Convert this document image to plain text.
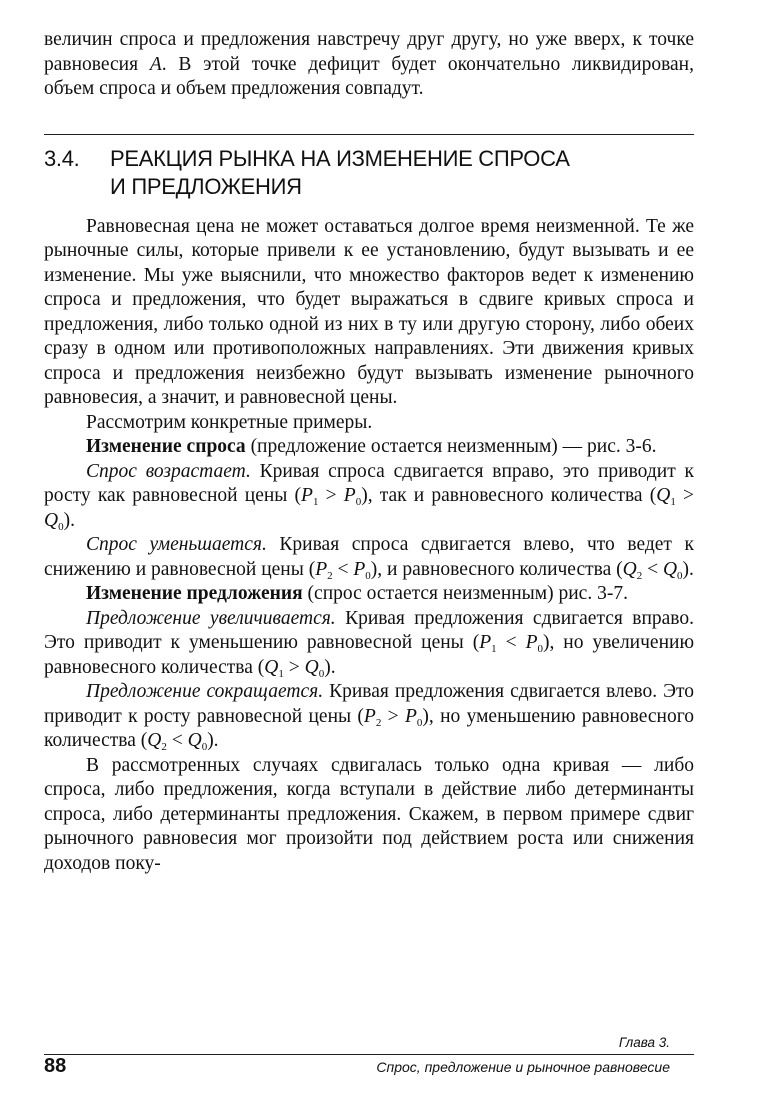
величин спроса и предложения навстречу друг другу, но уже вверх, к точке равновесия A. В этой точке дефицит будет окончательно ликвидирован, объем спроса и объем предложения совпадут.

3.4. РЕАКЦИЯ РЫНКА НА ИЗМЕНЕНИЕ СПРОСА
И ПРЕДЛОЖЕНИЯ

Равновесная цена не может оставаться долгое время неизменной. Те же рыночные силы, которые привели к ее установлению, будут вызывать и ее изменение. Мы уже выяснили, что множество факторов ведет к изменению спроса и предложения, что будет выражаться в сдвиге кривых спроса и предложения, либо только одной из них в ту или другую сторону, либо обеих сразу в одном или противоположных направлениях. Эти движения кривых спроса и предложения неизбежно будут вызывать изменение рыночного равновесия, а значит, и равновесной цены.

Рассмотрим конкретные примеры.

Изменение спроса (предложение остается неизменным) — рис. 3-6.

Спрос возрастает. Кривая спроса сдвигается вправо, это приводит к росту как равновесной цены $(P_1 > P_0)$, так и равновесного количества $(Q_1 > Q_0)$.

Спрос уменьшается. Кривая спроса сдвигается влево, что ведет к снижению и равновесной цены $(P_2 < P_0)$, и равновесного количества $(Q_2 < Q_0)$.

Изменение предложения (спрос остается неизменным) рис. 3-7.

Предложение увеличивается. Кривая предложения сдвигается вправо. Это приводит к уменьшению равновесной цены $(P_1 < P_0)$, но увеличению равновесного количества $(Q_1 > Q_0)$.

Предложение сокращается. Кривая предложения сдвигается влево. Это приводит к росту равновесной цены $(P_2 > P_0)$, но уменьшению равновесного количества $(Q_2 < Q_0)$.

В рассмотренных случаях сдвигалась только одна кривая — либо спроса, либо предложения, когда вступали в действие либо детерминанты спроса, либо детерминанты предложения. Скажем, в первом примере сдвиг рыночного равновесия мог произойти под действием роста или снижения доходов поку-

Глава 3.
88	Спрос, предложение и рыночное равновесие
